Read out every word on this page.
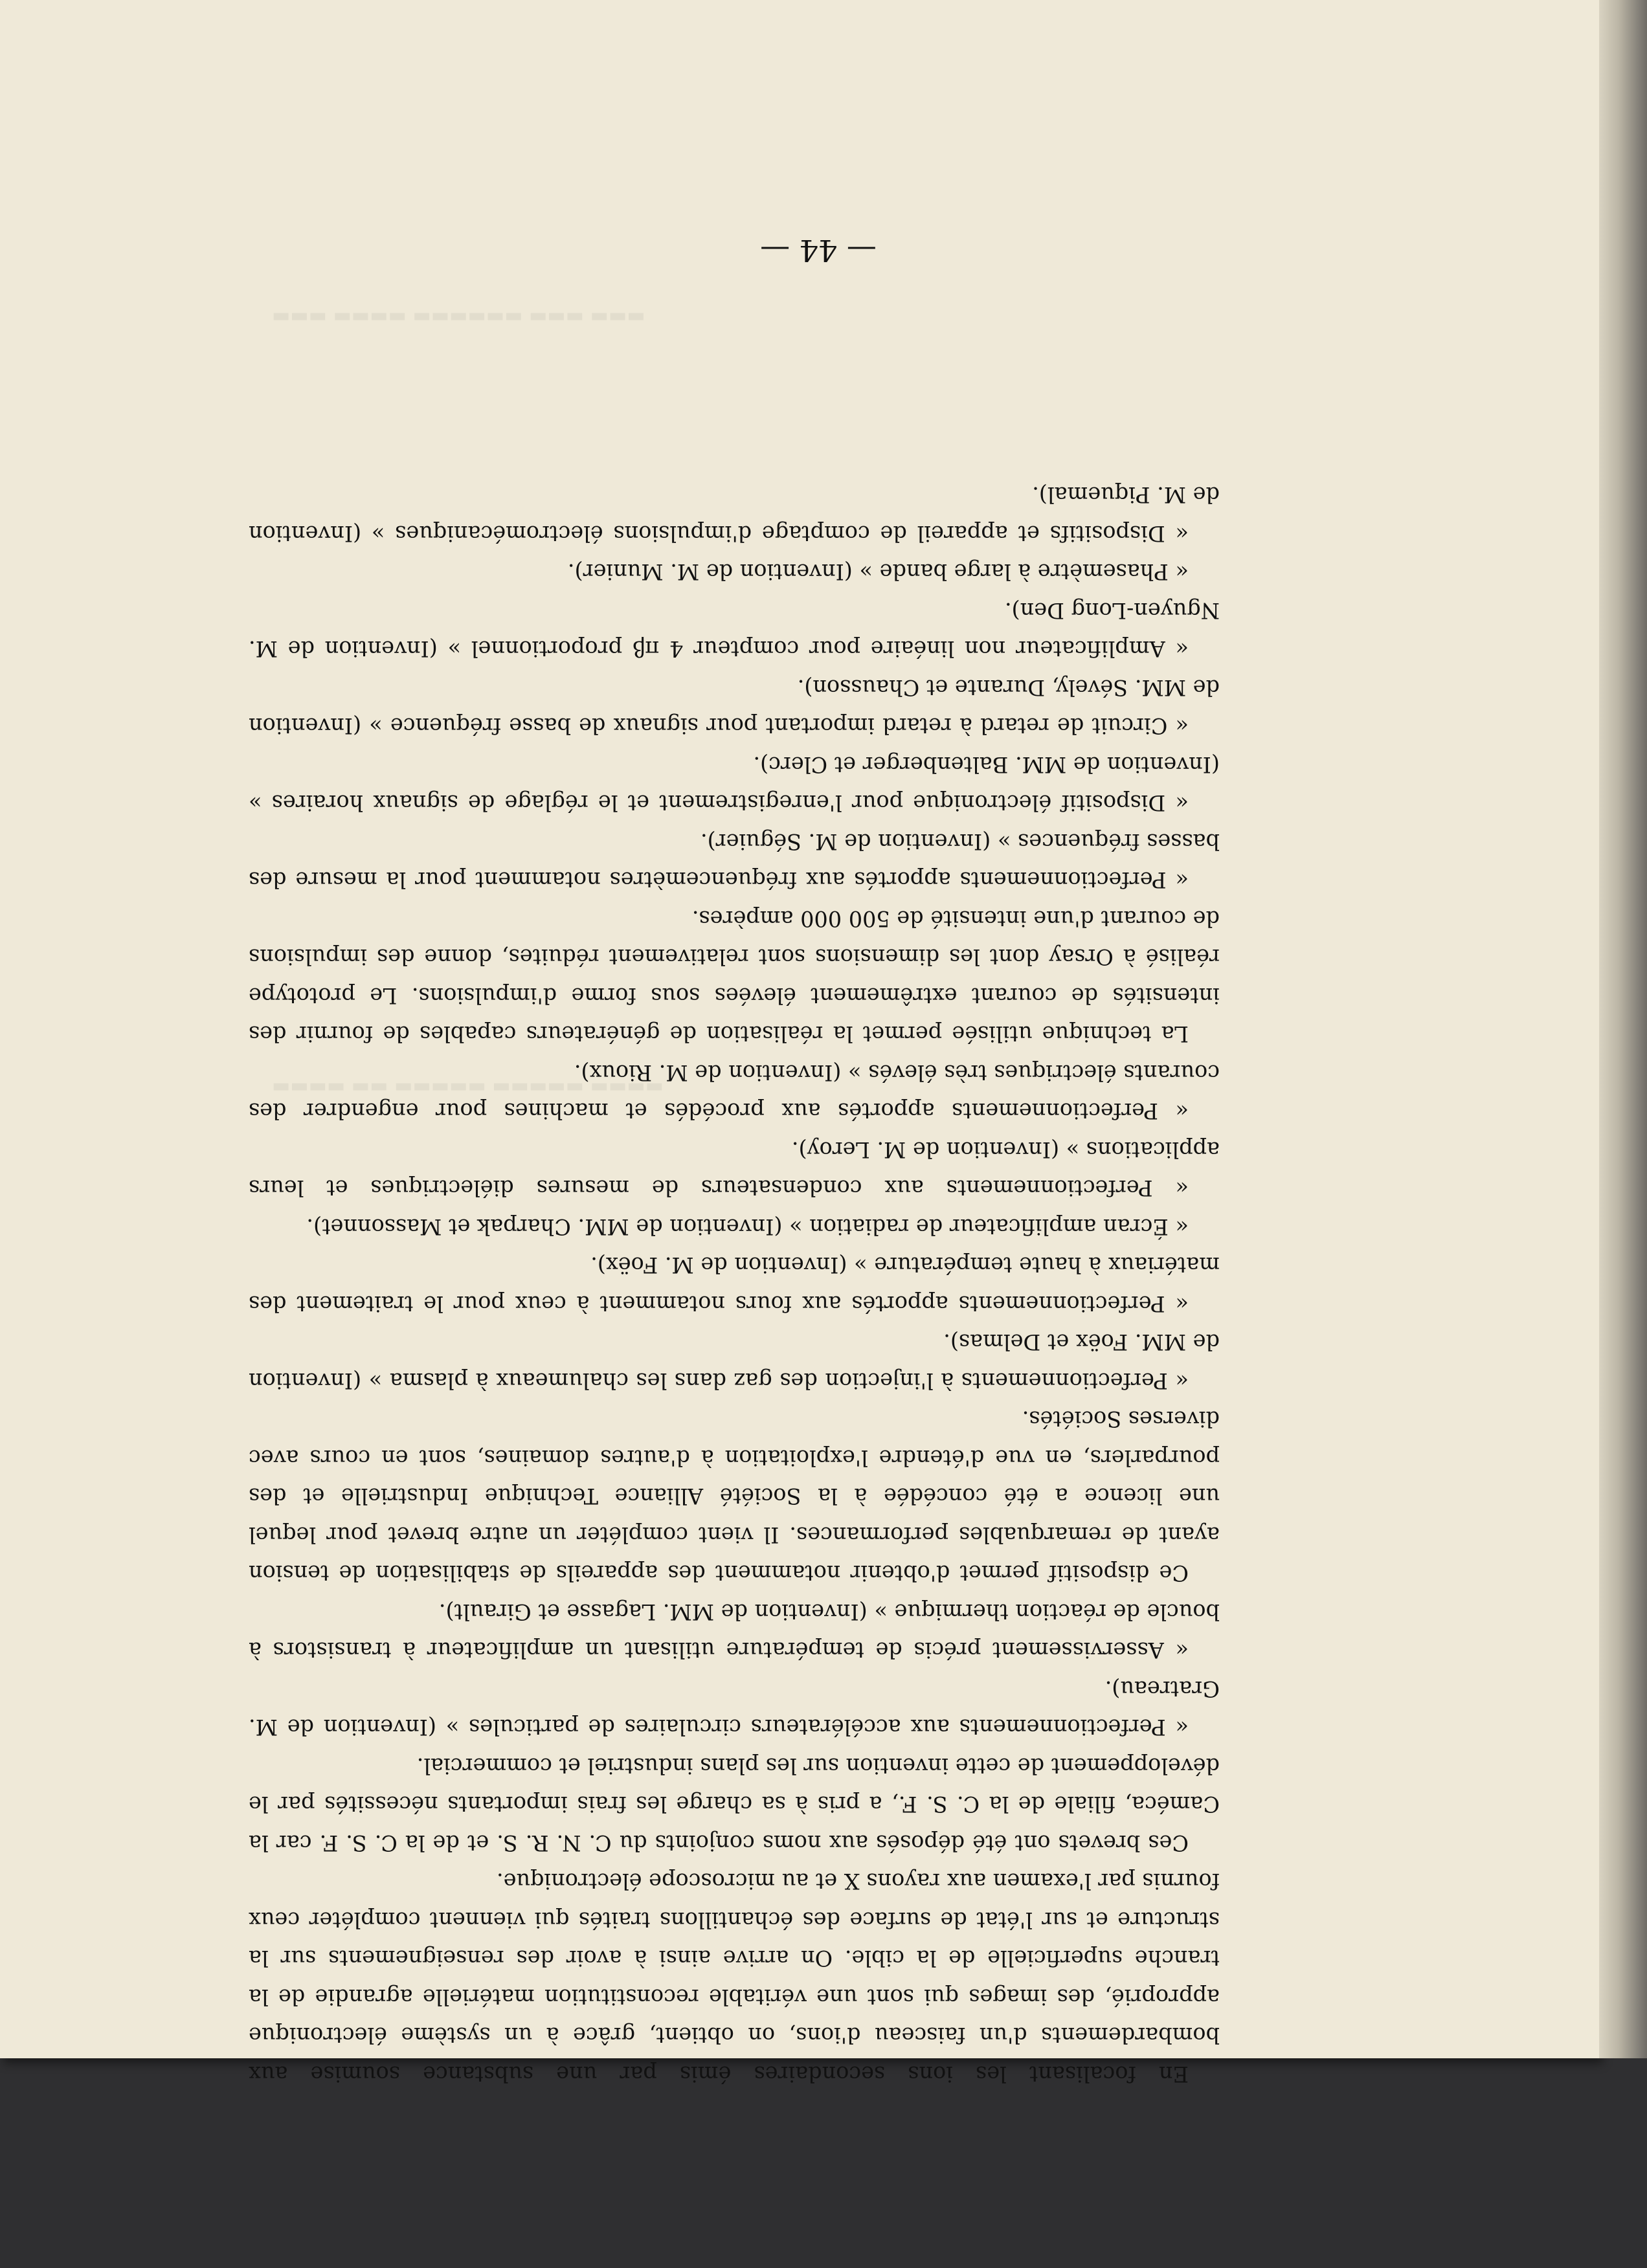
▬▬▬ ▬▬▬▬ ▬▬▬▬▬▬ ▬▬▬ ▬▬▬
▬▬▬▬ ▬▬ ▬▬▬▬▬ ▬▬▬▬▬ ▬▬▬▬

En focalisant les ions secondaires émis par une substance soumise aux bombardements d'un faisceau d'ions, on obtient, grâce à un système électronique approprié, des images qui sont une véritable reconstitution matérielle agrandie de la tranche superficielle de la cible. On arrive ainsi à avoir des renseignements sur la structure et sur l'état de surface des échantillons traités qui viennent compléter ceux fournis par l'examen aux rayons X et au microscope électronique.

Ces brevets ont été déposés aux noms conjoints du C. N. R. S. et de la C. S. F. car la Caméca, filiale de la C. S. F., a pris à sa charge les frais importants nécessités par le développement de cette invention sur les plans industriel et commercial.

« Perfectionnements aux accélérateurs circulaires de particules » (Invention de M. Gratreau).

« Asservissement précis de température utilisant un amplificateur à transistors à boucle de réaction thermique » (Invention de MM. Lagasse et Girault).

Ce dispositif permet d'obtenir notamment des appareils de stabilisation de tension ayant de remarquables performances. Il vient compléter un autre brevet pour lequel une licence a été concédée à la Société Alliance Technique Industrielle et des pourparlers, en vue d'étendre l'exploitation à d'autres domaines, sont en cours avec diverses Sociétés.

« Perfectionnements à l'injection des gaz dans les chalumeaux à plasma » (Invention de MM. Foëx et Delmas).

« Perfectionnements apportés aux fours notamment à ceux pour le traitement des matériaux à haute température » (Invention de M. Foëx).

« Écran amplificateur de radiation » (Invention de MM. Charpak et Massonnet).

« Perfectionnements aux condensateurs de mesures diélectriques et leurs applications » (Invention de M. Leroy).

« Perfectionnements apportés aux procédés et machines pour engendrer des courants électriques très élevés » (Invention de M. Rioux).

La technique utilisée permet la réalisation de générateurs capables de fournir des intensités de courant extrêmement élevées sous forme d'impulsions. Le prototype réalisé à Orsay dont les dimensions sont relativement réduites, donne des impulsions de courant d'une intensité de 500 000 ampères.

« Perfectionnements apportés aux fréquencemètres notamment pour la mesure des basses fréquences » (Invention de M. Séguier).

« Dispositif électronique pour l'enregistrement et le réglage de signaux horaires » (Invention de MM. Baltenberger et Clerc).

« Circuit de retard à retard important pour signaux de basse fréquence » (Invention de MM. Sévely, Durante et Chausson).

« Amplificateur non linéaire pour compteur 4 πβ proportionnel » (Invention de M. Nguyen-Long Den).

« Phasemètre à large bande » (Invention de M. Munier).

« Dispositifs et appareil de comptage d'impulsions électromécaniques » (Invention de M. Piquemal).

— 44 —
